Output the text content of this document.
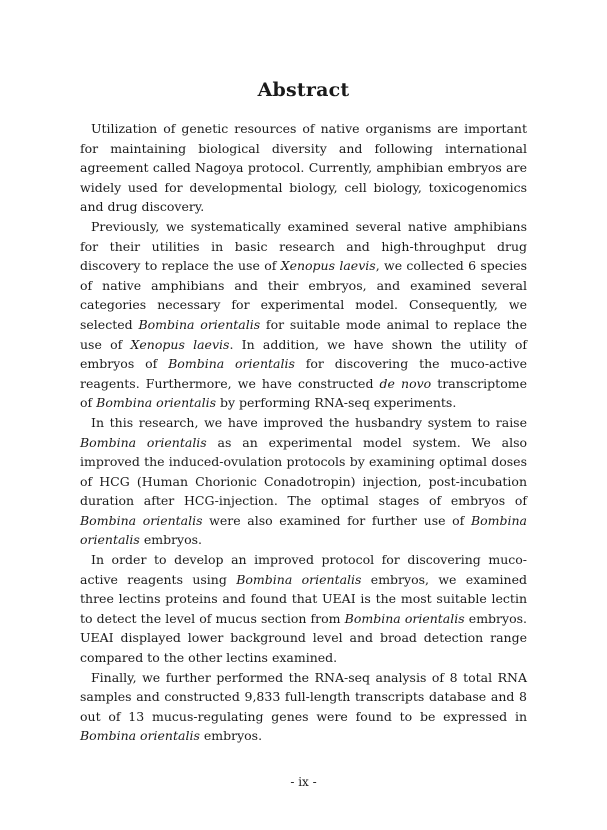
Abstract

Utilization of genetic resources of native organisms are important for maintaining biological diversity and following international agreement called Nagoya protocol. Currently, amphibian embryos are widely used for developmental biology, cell biology, toxicogenomics and drug discovery.

Previously, we systematically examined several native amphibians for their utilities in basic research and high-throughput drug discovery to replace the use of Xenopus laevis, we collected 6 species of native amphibians and their embryos, and examined several categories necessary for experimental model. Consequently, we selected Bombina orientalis for suitable mode animal to replace the use of Xenopus laevis. In addition, we have shown the utility of embryos of Bombina orientalis for discovering the muco-active reagents. Furthermore, we have constructed de novo transcriptome of Bombina orientalis by performing RNA-seq experiments.

In this research, we have improved the husbandry system to raise Bombina orientalis as an experimental model system. We also improved the induced-ovulation protocols by examining optimal doses of HCG (Human Chorionic Conadotropin) injection, post-incubation duration after HCG-injection. The optimal stages of embryos of Bombina orientalis were also examined for further use of Bombina orientalis embryos.

In order to develop an improved protocol for discovering muco-active reagents using Bombina orientalis embryos, we examined three lectins proteins and found that UEAI is the most suitable lectin to detect the level of mucus section from Bombina orientalis embryos. UEAI displayed lower background level and broad detection range compared to the other lectins examined.

Finally, we further performed the RNA-seq analysis of 8 total RNA samples and constructed 9,833 full-length transcripts database and 8 out of 13 mucus-regulating genes were found to be expressed in Bombina orientalis embryos.

- ix -
